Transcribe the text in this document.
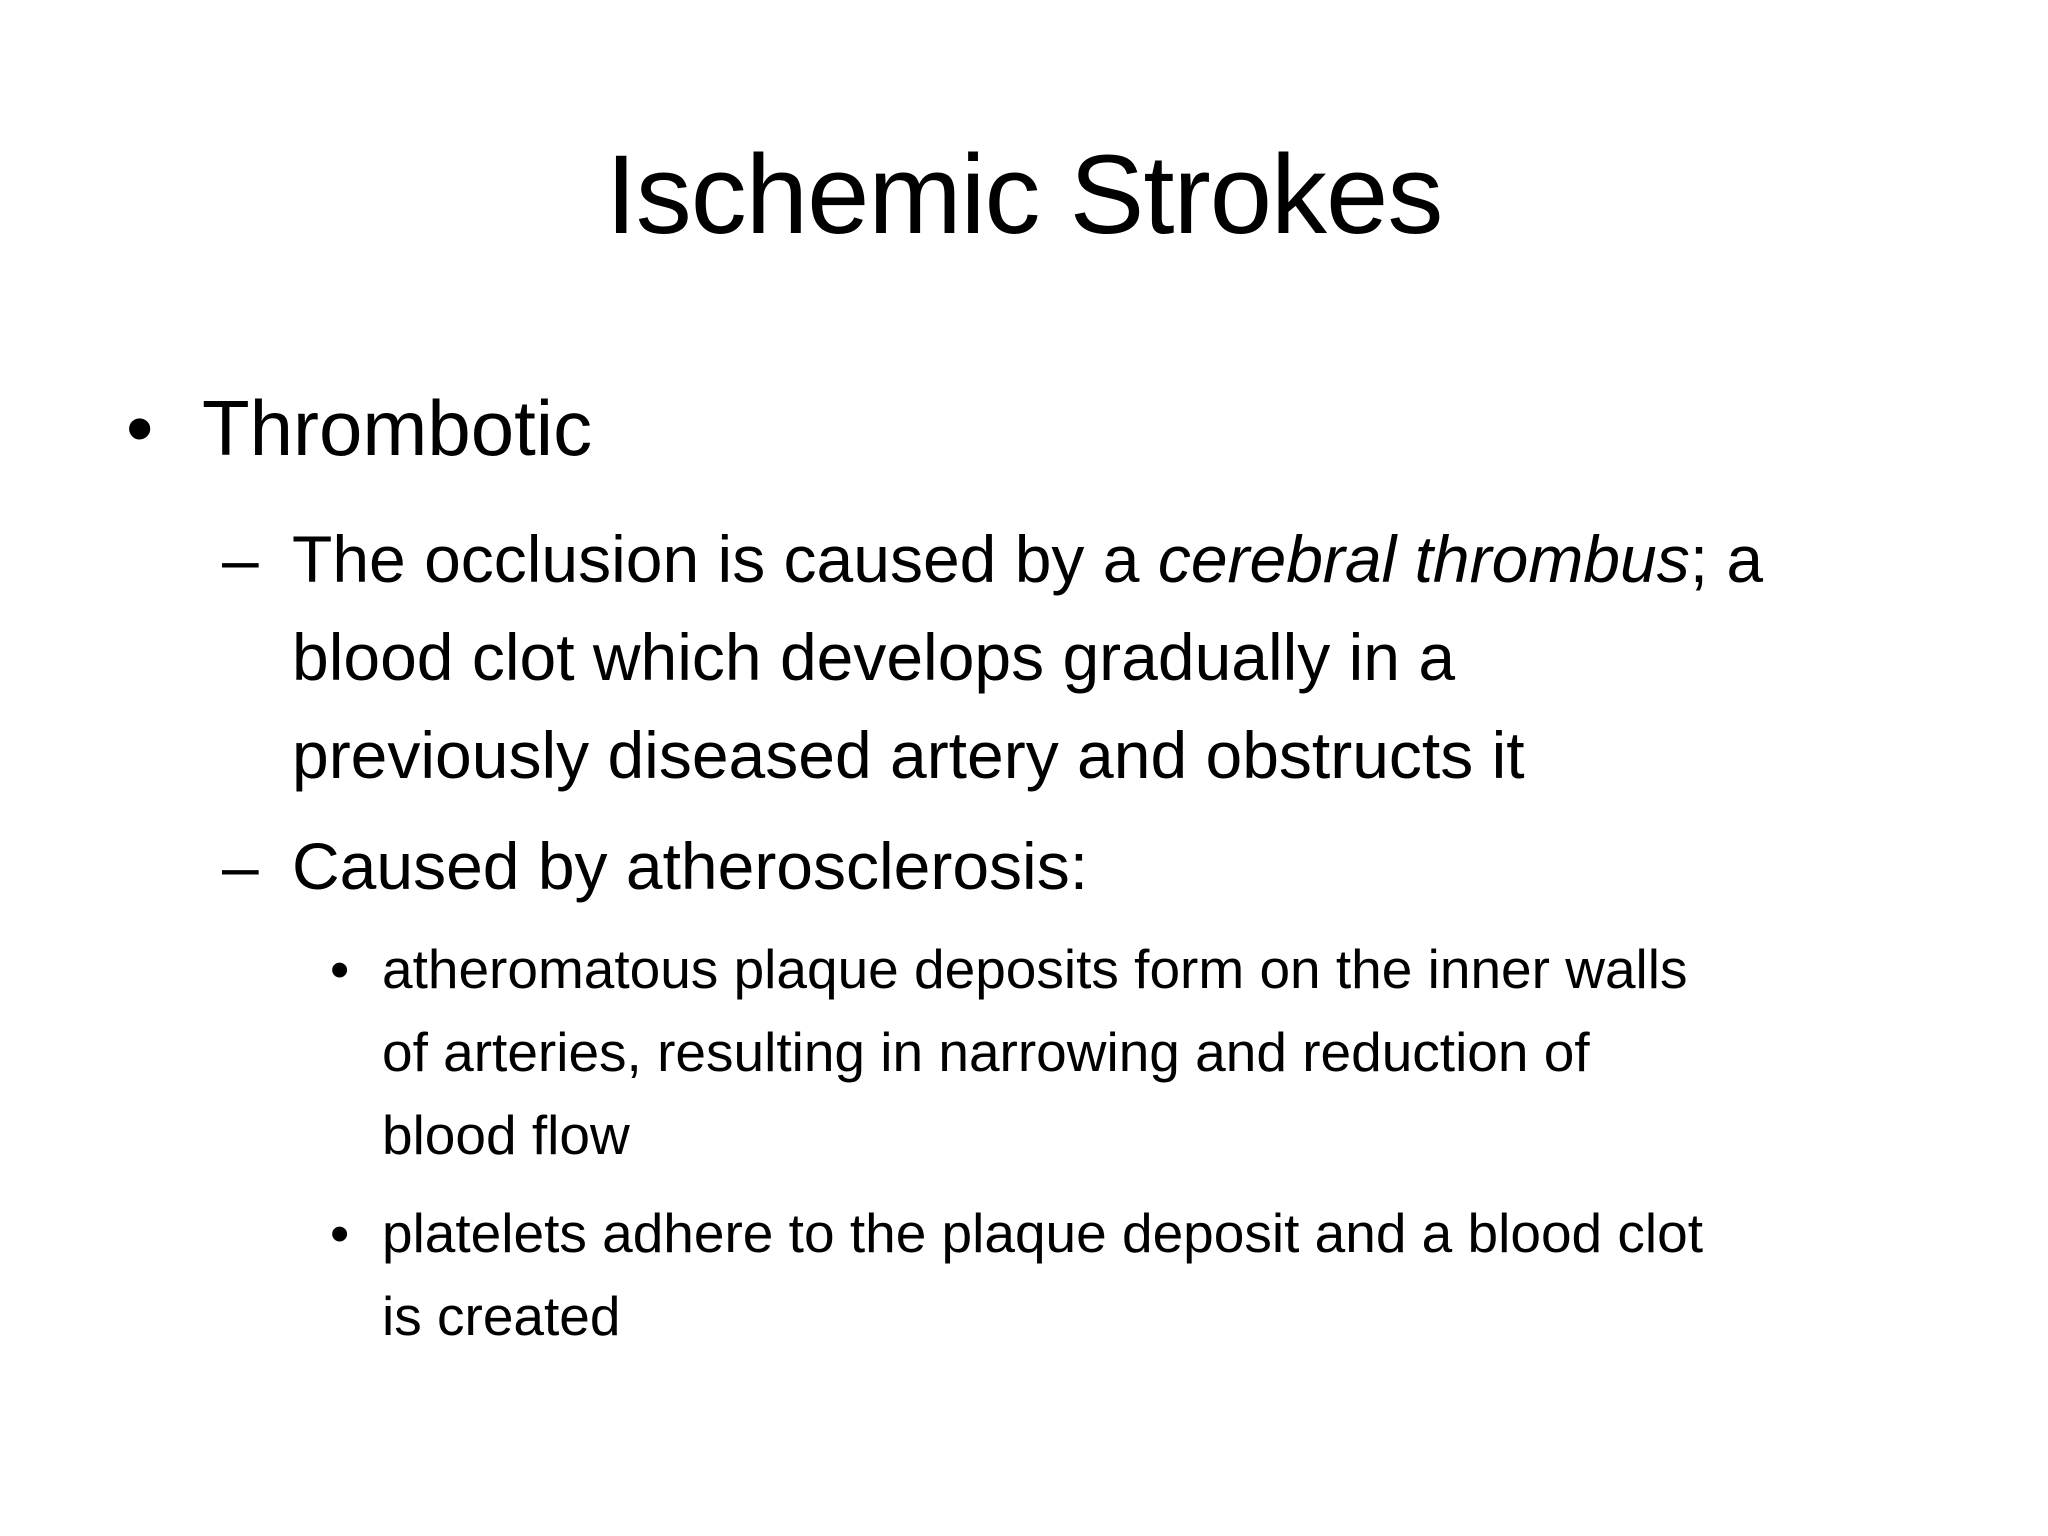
Ischemic Strokes
• Thrombotic
– The occlusion is caused by a cerebral thrombus; a
blood clot which develops gradually in a
previously diseased artery and obstructs it
– Caused by atherosclerosis:
• atheromatous plaque deposits form on the inner walls
of arteries, resulting in narrowing and reduction of
blood flow
• platelets adhere to the plaque deposit and a blood clot
is created
